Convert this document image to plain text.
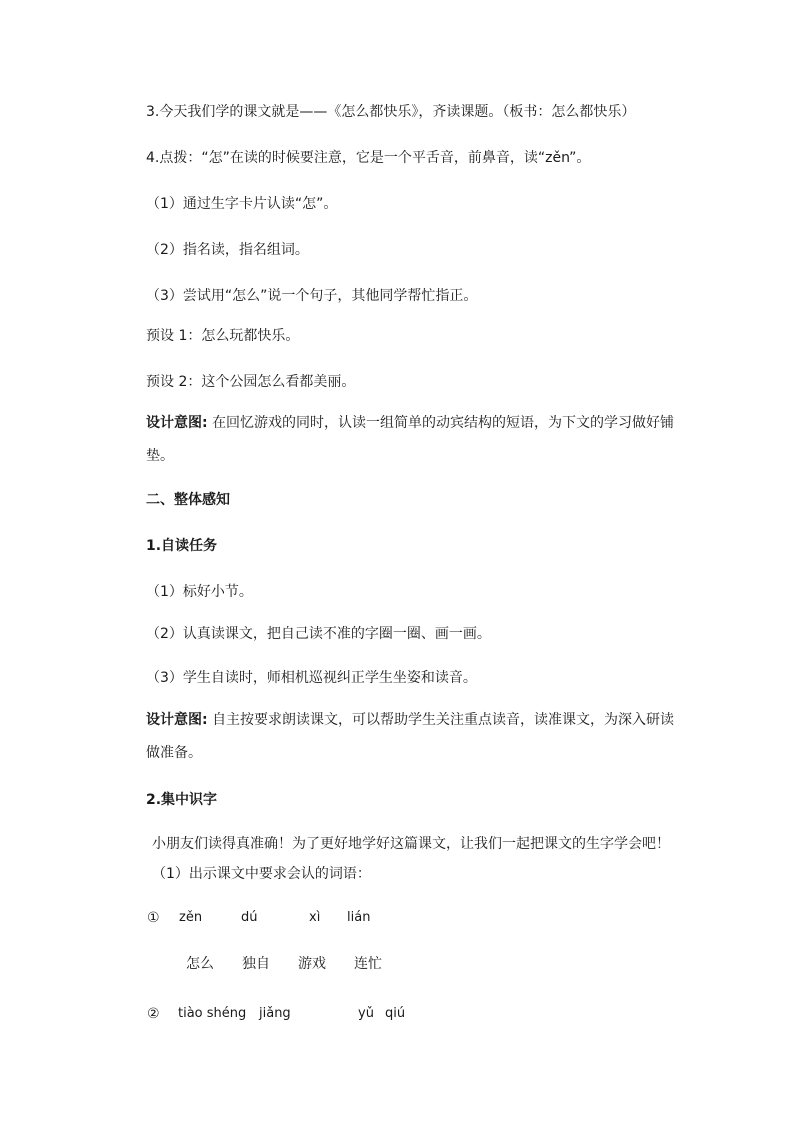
3.今天我们学的课文就是——《怎么都快乐》，齐读课题。（板书：怎么都快乐）
4.点拨：“怎”在读的时候要注意，它是一个平舌音，前鼻音，读“zěn”。
（1）通过生字卡片认读“怎”。
（2）指名读，指名组词。
（3）尝试用“怎么”说一个句子，其他同学帮忙指正。
预设 1：怎么玩都快乐。
预设 2：这个公园怎么看都美丽。
设计意图: 在回忆游戏的同时，认读一组简单的动宾结构的短语，为下文的学习做好铺垫。
二、整体感知
1.自读任务
（1）标好小节。
（2）认真读课文，把自己读不准的字圈一圈、画一画。
（3）学生自读时，师相机巡视纠正学生坐姿和读音。
设计意图: 自主按要求朗读课文，可以帮助学生关注重点读音，读准课文，为深入研读做准备。
2.集中识字
小朋友们读得真准确！为了更好地学好这篇课文，让我们一起把课文的生字学会吧！
（1）出示课文中要求会认的词语：
① zěn	dú	xì lián
怎么 独自 游戏 连忙
② tiào shéng jiǎng	yǔ qiú
